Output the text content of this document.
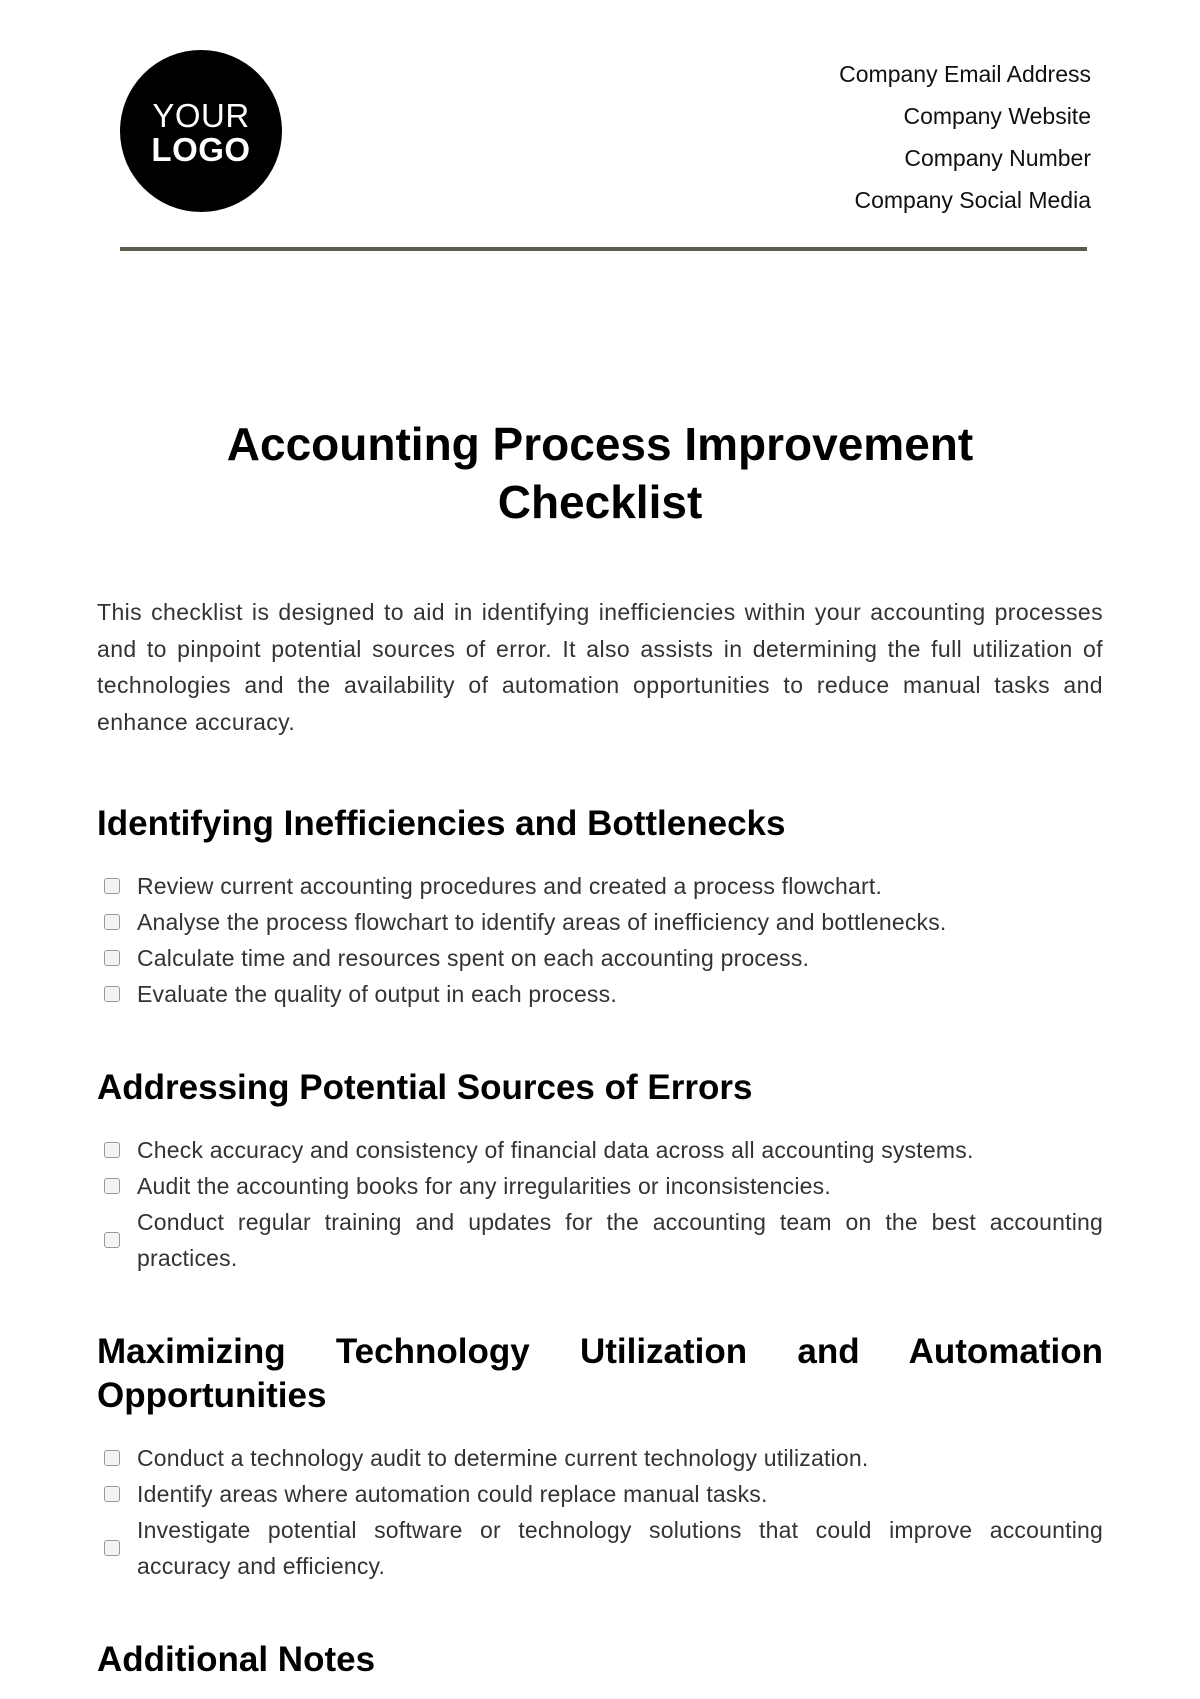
YOUR
LOGO
Company Email Address
Company Website
Company Number
Company Social Media
Accounting Process Improvement Checklist

This checklist is designed to aid in identifying inefficiencies within your accounting processes and to pinpoint potential sources of error. It also assists in determining the full utilization of technologies and the availability of automation opportunities to reduce manual tasks and enhance accuracy.

Identifying Inefficiencies and Bottlenecks
Review current accounting procedures and created a process flowchart.
Analyse the process flowchart to identify areas of inefficiency and bottlenecks.
Calculate time and resources spent on each accounting process.
Evaluate the quality of output in each process.
Addressing Potential Sources of Errors
Check accuracy and consistency of financial data across all accounting systems.
Audit the accounting books for any irregularities or inconsistencies.
Conduct regular training and updates for the accounting team on the best accounting practices.
Maximizing Technology Utilization and Automation Opportunities
Conduct a technology audit to determine current technology utilization.
Identify areas where automation could replace manual tasks.
Investigate potential software or technology solutions that could improve accounting accuracy and efficiency.
Additional Notes
